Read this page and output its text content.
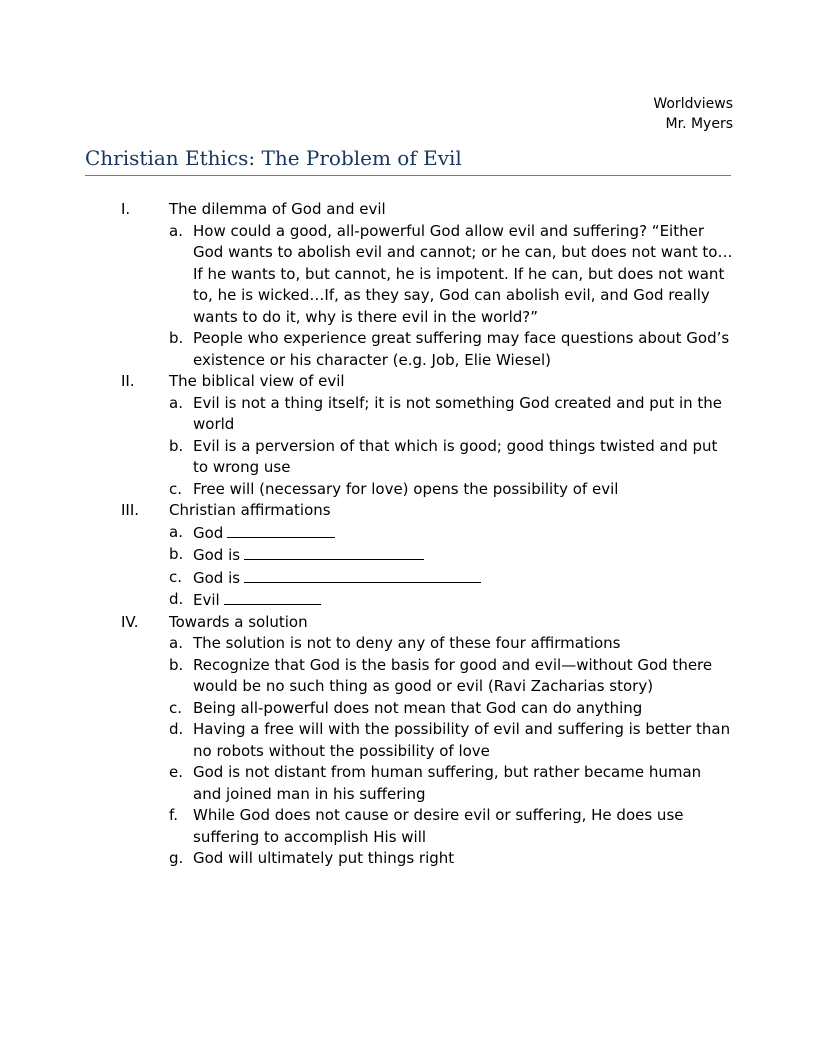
Worldviews
Mr. Myers
Christian Ethics: The Problem of Evil
I.	The dilemma of God and evil
a. How could a good, all-powerful God allow evil and suffering? “Either God wants to abolish evil and cannot; or he can, but does not want to…If he wants to, but cannot, he is impotent. If he can, but does not want to, he is wicked…If, as they say, God can abolish evil, and God really wants to do it, why is there evil in the world?”
b. People who experience great suffering may face questions about God’s existence or his character (e.g. Job, Elie Wiesel)
II. The biblical view of evil
a. Evil is not a thing itself; it is not something God created and put in the world
b. Evil is a perversion of that which is good; good things twisted and put to wrong use
c. Free will (necessary for love) opens the possibility of evil
III. Christian affirmations
a. God
b. God is
c. God is
d. Evil
IV. Towards a solution
a. The solution is not to deny any of these four affirmations
b. Recognize that God is the basis for good and evil—without God there would be no such thing as good or evil (Ravi Zacharias story)
c. Being all-powerful does not mean that God can do anything
d. Having a free will with the possibility of evil and suffering is better than no robots without the possibility of love
e. God is not distant from human suffering, but rather became human and joined man in his suffering
f. While God does not cause or desire evil or suffering, He does use suffering to accomplish His will
g. God will ultimately put things right
